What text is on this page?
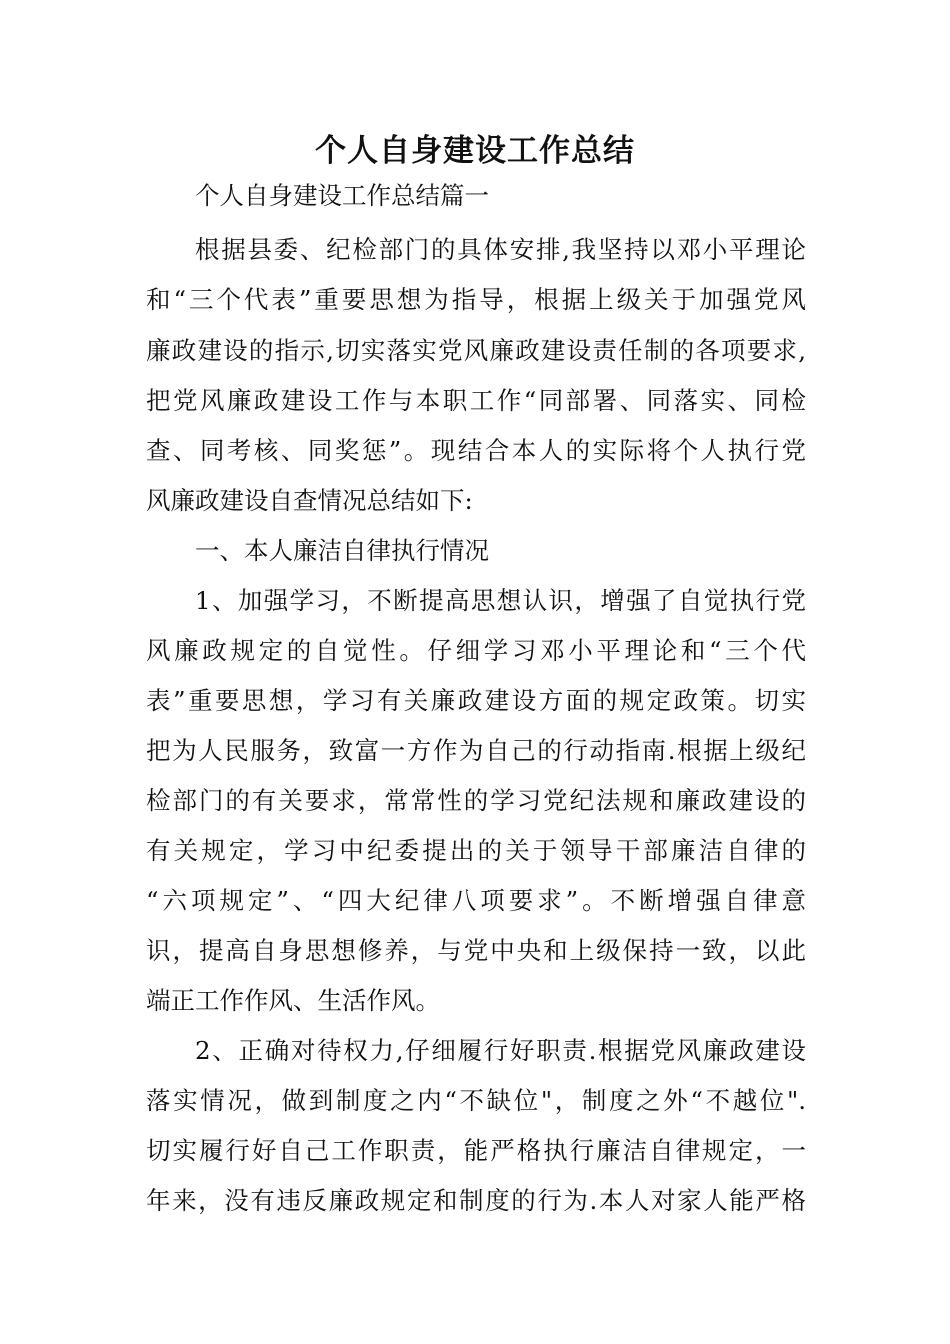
个人自身建设工作总结
个人自身建设工作总结篇一
根据县委、纪检部门的具体安排,我坚持以邓小平理论
和“三个代表”重要思想为指导，根据上级关于加强党风
廉政建设的指示,切实落实党风廉政建设责任制的各项要求,
把党风廉政建设工作与本职工作“同部署、同落实、同检
查、同考核、同奖惩”。现结合本人的实际将个人执行党
风廉政建设自查情况总结如下:
一、本人廉洁自律执行情况
1、加强学习，不断提高思想认识，增强了自觉执行党
风廉政规定的自觉性。仔细学习邓小平理论和“三个代
表”重要思想，学习有关廉政建设方面的规定政策。切实
把为人民服务，致富一方作为自己的行动指南.根据上级纪
检部门的有关要求，常常性的学习党纪法规和廉政建设的
有关规定，学习中纪委提出的关于领导干部廉洁自律的
“六项规定”、“四大纪律八项要求”。不断增强自律意
识，提高自身思想修养，与党中央和上级保持一致，以此
端正工作作风、生活作风。
2、正确对待权力,仔细履行好职责.根据党风廉政建设
落实情况，做到制度之内“不缺位"，制度之外“不越位".
切实履行好自己工作职责，能严格执行廉洁自律规定，一
年来，没有违反廉政规定和制度的行为.本人对家人能严格
